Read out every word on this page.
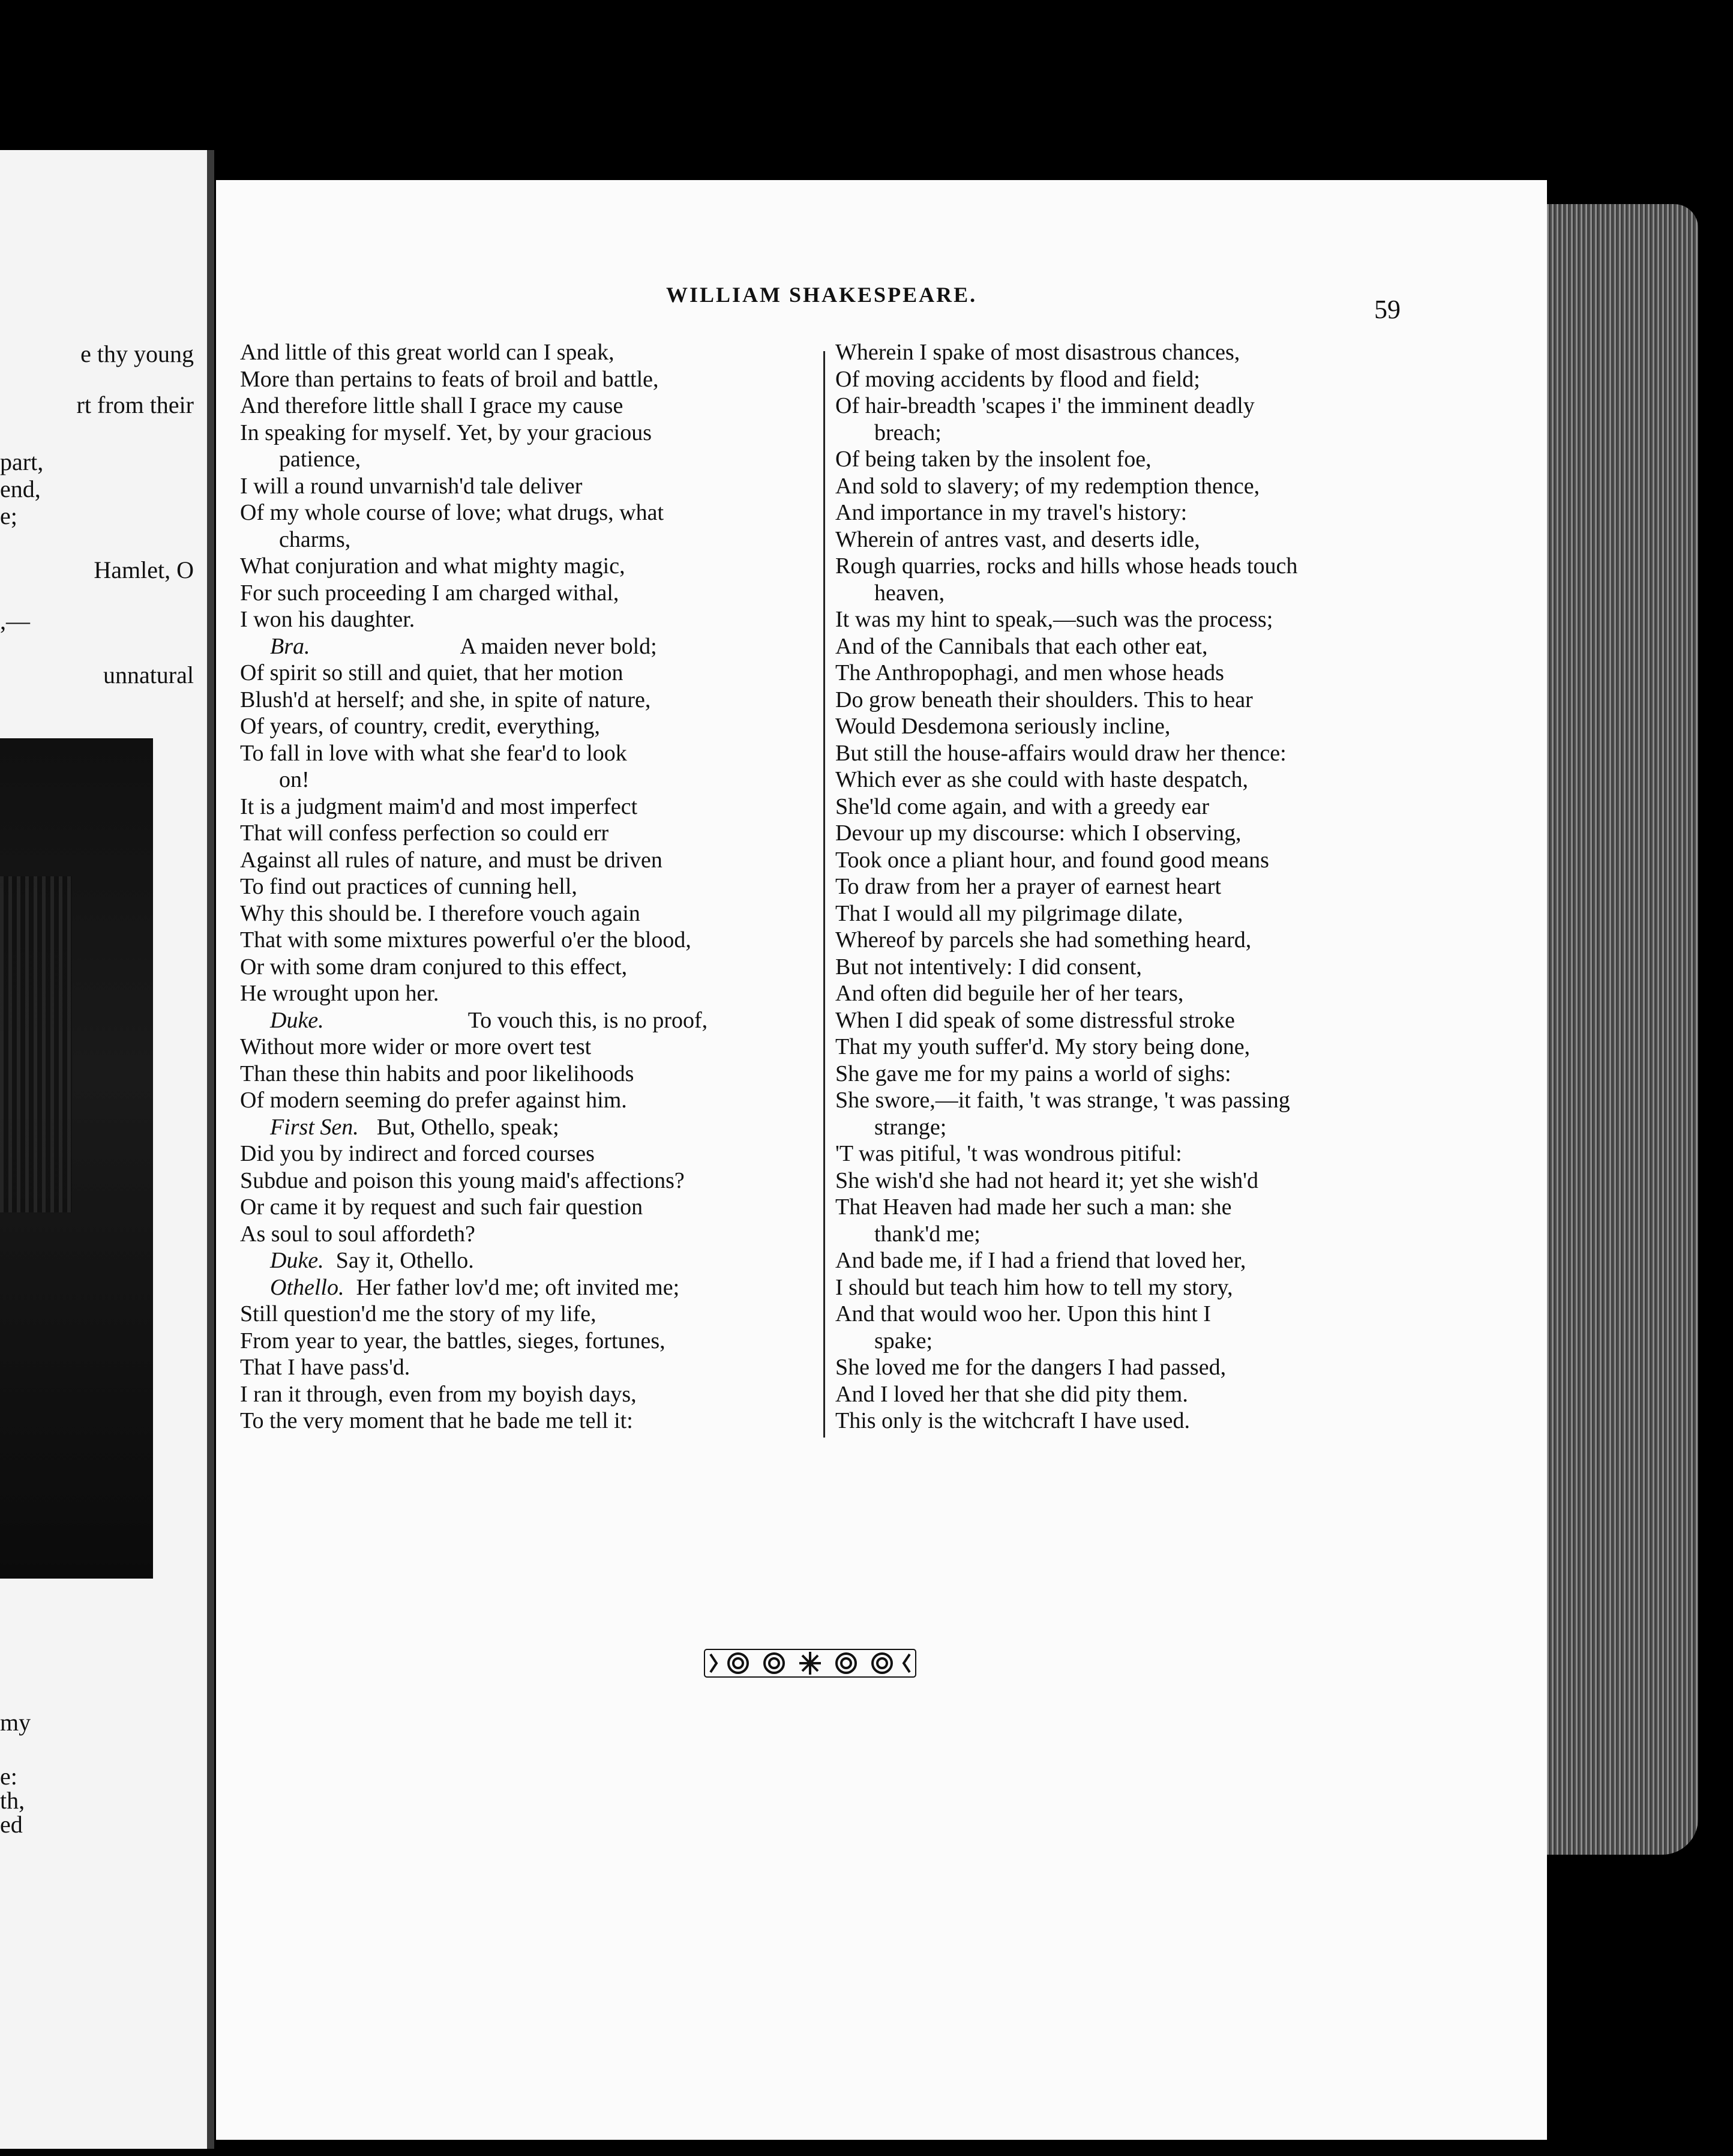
e thy young
rt from their
part,
end,
e;
Hamlet, O
,—
unnatural
my
e:
th,
ed
WILLIAM SHAKESPEARE.	59
And little of this great world can I speak,
More than pertains to feats of broil and battle,
And therefore little shall I grace my cause
In speaking for myself. Yet, by your gracious
patience,
I will a round unvarnish'd tale deliver
Of my whole course of love; what drugs, what
charms,
What conjuration and what mighty magic,
For such proceeding I am charged withal,
I won his daughter.
Bra.	A maiden never bold;
Of spirit so still and quiet, that her motion
Blush'd at herself; and she, in spite of nature,
Of years, of country, credit, everything,
To fall in love with what she fear'd to look
on!
It is a judgment maim'd and most imperfect
That will confess perfection so could err
Against all rules of nature, and must be driven
To find out practices of cunning hell,
Why this should be. I therefore vouch again
That with some mixtures powerful o'er the blood,
Or with some dram conjured to this effect,
He wrought upon her.
Duke.	To vouch this, is no proof,
Without more wider or more overt test
Than these thin habits and poor likelihoods
Of modern seeming do prefer against him.
First Sen. But, Othello, speak;
Did you by indirect and forced courses
Subdue and poison this young maid's affections?
Or came it by request and such fair question
As soul to soul affordeth?
Duke. Say it, Othello.
Othello. Her father lov'd me; oft invited me;
Still question'd me the story of my life,
From year to year, the battles, sieges, fortunes,
That I have pass'd.
I ran it through, even from my boyish days,
To the very moment that he bade me tell it:
Wherein I spake of most disastrous chances,
Of moving accidents by flood and field;
Of hair-breadth 'scapes i' the imminent deadly
breach;
Of being taken by the insolent foe,
And sold to slavery; of my redemption thence,
And importance in my travel's history:
Wherein of antres vast, and deserts idle,
Rough quarries, rocks and hills whose heads touch
heaven,
It was my hint to speak,—such was the process;
And of the Cannibals that each other eat,
The Anthropophagi, and men whose heads
Do grow beneath their shoulders. This to hear
Would Desdemona seriously incline,
But still the house-affairs would draw her thence:
Which ever as she could with haste despatch,
She'ld come again, and with a greedy ear
Devour up my discourse: which I observing,
Took once a pliant hour, and found good means
To draw from her a prayer of earnest heart
That I would all my pilgrimage dilate,
Whereof by parcels she had something heard,
But not intentively: I did consent,
And often did beguile her of her tears,
When I did speak of some distressful stroke
That my youth suffer'd. My story being done,
She gave me for my pains a world of sighs:
She swore,—it faith, 't was strange, 't was passing
strange;
'T was pitiful, 't was wondrous pitiful:
She wish'd she had not heard it; yet she wish'd
That Heaven had made her such a man: she
thank'd me;
And bade me, if I had a friend that loved her,
I should but teach him how to tell my story,
And that would woo her. Upon this hint I
spake;
She loved me for the dangers I had passed,
And I loved her that she did pity them.
This only is the witchcraft I have used.
